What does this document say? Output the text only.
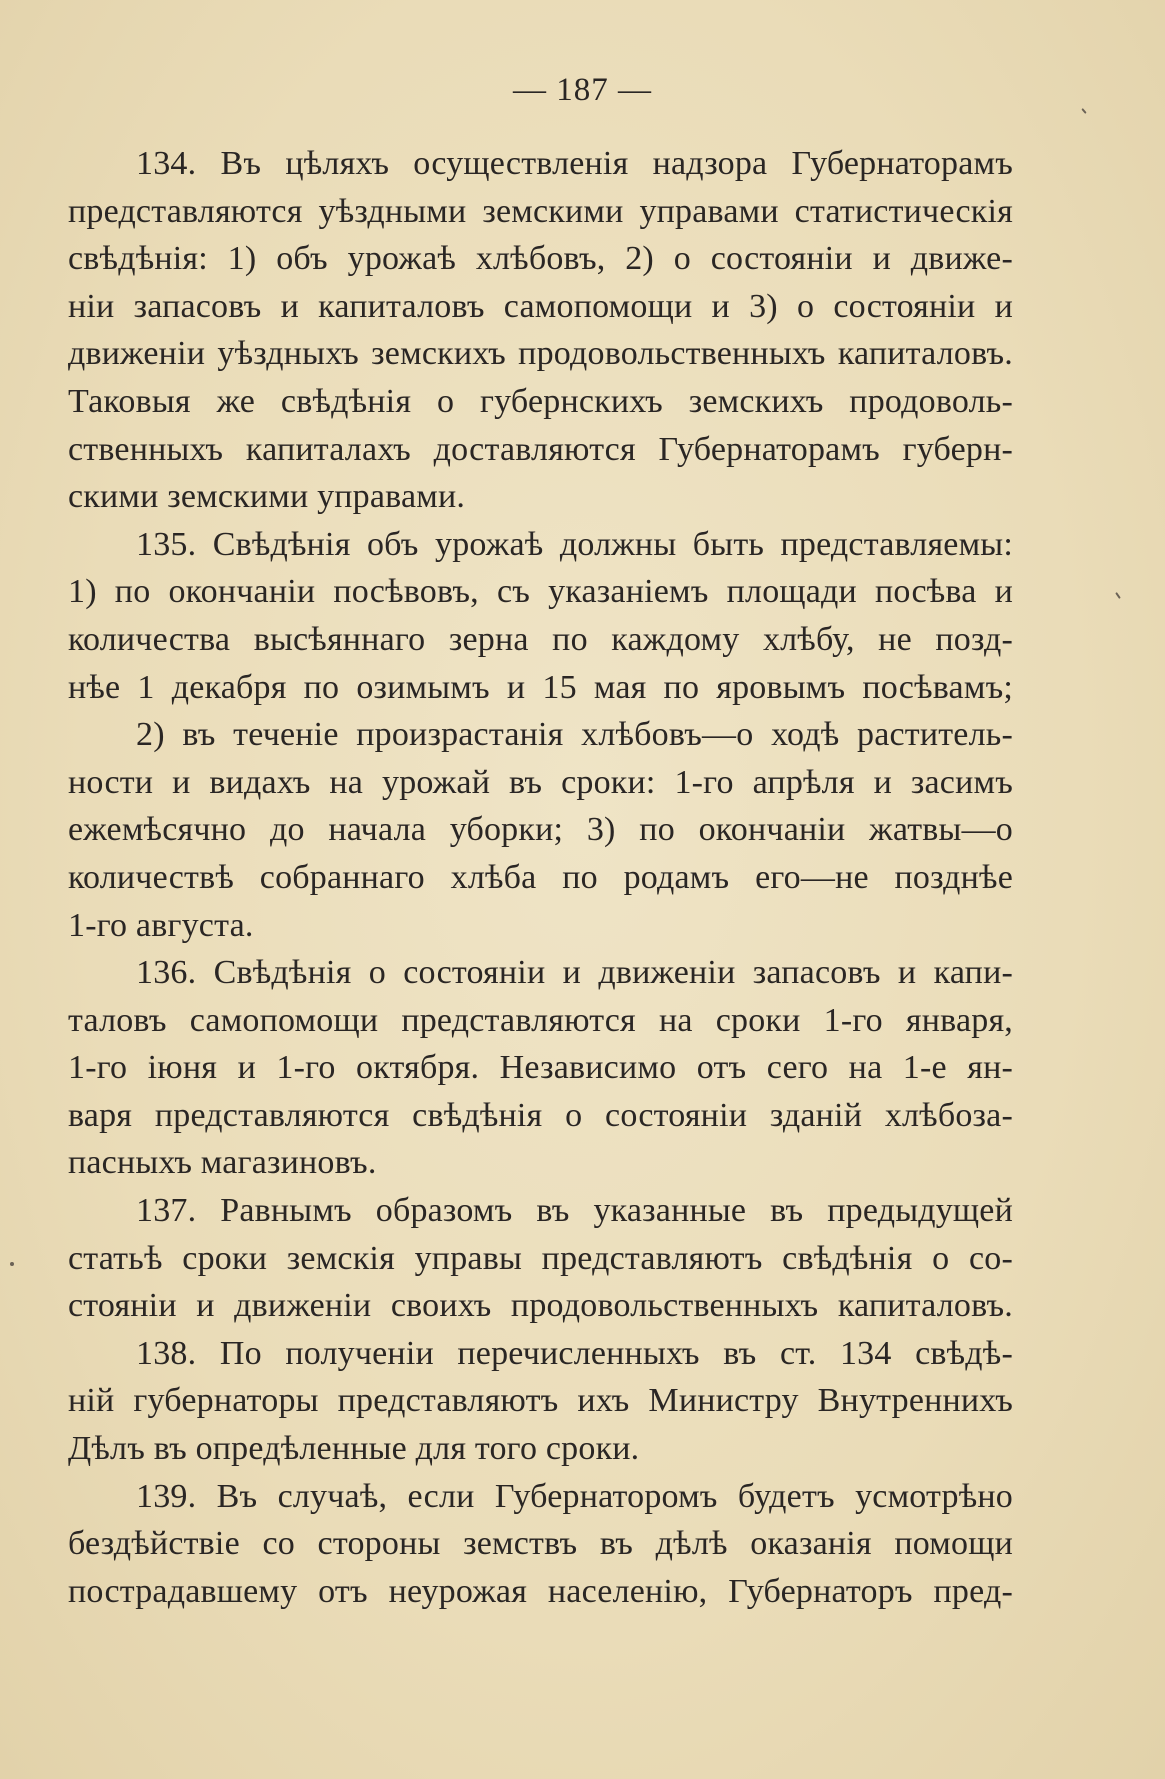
— 187 —
134. Въ цѣляхъ осуществленія надзора Губернаторамъ
представляются уѣздными земскими управами статистическія
свѣдѣнія: 1) объ урожаѣ хлѣбовъ, 2) о состояніи и движе-
ніи запасовъ и капиталовъ самопомощи и 3) о состояніи и
движеніи уѣздныхъ земскихъ продовольственныхъ капиталовъ.
Таковыя же свѣдѣнія о губернскихъ земскихъ продоволь-
ственныхъ капиталахъ доставляются Губернаторамъ губерн-
скими земскими управами.
135. Свѣдѣнія объ урожаѣ должны быть представляемы:
1) по окончаніи посѣвовъ, съ указаніемъ площади посѣва и
количества высѣяннаго зерна по каждому хлѣбу, не позд-
нѣе 1 декабря по озимымъ и 15 мая по яровымъ посѣвамъ;
2) въ теченіе произрастанія хлѣбовъ—о ходѣ раститель-
ности и видахъ на урожай въ сроки: 1-го апрѣля и засимъ
ежемѣсячно до начала уборки; 3) по окончаніи жатвы—о
количествѣ собраннаго хлѣба по родамъ его—не позднѣе
1-го августа.
136. Свѣдѣнія о состояніи и движеніи запасовъ и капи-
таловъ самопомощи представляются на сроки 1-го января,
1-го іюня и 1-го октября. Независимо отъ сего на 1-е ян-
варя представляются свѣдѣнія о состояніи зданій хлѣбоза-
пасныхъ магазиновъ.
137. Равнымъ образомъ въ указанные въ предыдущей
статьѣ сроки земскія управы представляютъ свѣдѣнія о со-
стояніи и движеніи своихъ продовольственныхъ капиталовъ.
138. По полученіи перечисленныхъ въ ст. 134 свѣдѣ-
ній губернаторы представляютъ ихъ Министру Внутреннихъ
Дѣлъ въ опредѣленные для того сроки.
139. Въ случаѣ, если Губернаторомъ будетъ усмотрѣно
бездѣйствіе со стороны земствъ въ дѣлѣ оказанія помощи
пострадавшему отъ неурожая населенію, Губернаторъ пред-
